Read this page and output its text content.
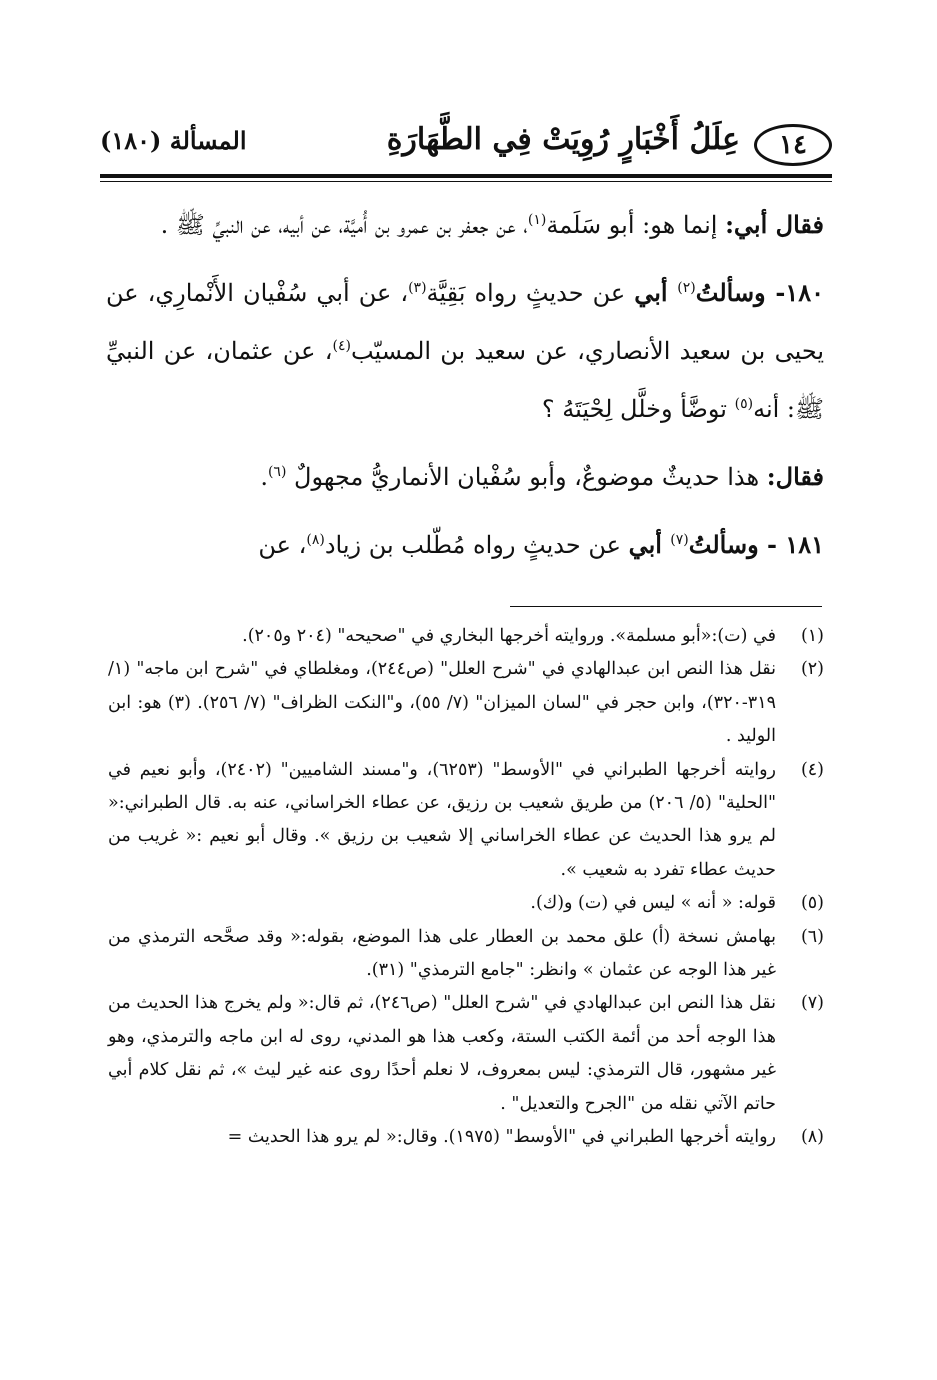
١٤
عِلَلُ أَخْبَارٍ رُوِيَتْ فِي الطَّهَارَةِ
المسألة (١٨٠)

فقال أبي: إنما هو: أبو سَلَمة$^{(١)}$، عن جعفر بن عمرو بن أُميَّة، عن أبيه، عن النبيِّ ﷺ .

١٨٠- وسألتُ$^{(٢)}$ أبي عن حديثٍ رواه بَقِيَّة$^{(٣)}$، عن أبي سُفْيان الأَنْمارِي، عن يحيى بن سعيد الأنصاري، عن سعيد بن المسيّب$^{(٤)}$، عن عثمان، عن النبيِّ ﷺ: أنه$^{(٥)}$ توضَّأ وخلَّل لِحْيَتَهُ ؟

فقال: هذا حديثٌ موضوعٌ، وأبو سُفْيان الأنماريُّ مجهولٌ $^{(٦)}$.

١٨١ - وسألتُ$^{(٧)}$ أبي عن حديثٍ رواه مُطّلب بن زياد$^{(٨)}$، عن

(١)
في (ت):«أبو مسلمة». وروايته أخرجها البخاري في "صحيحه" (٢٠٤ و٢٠٥).
(٢)
نقل هذا النص ابن عبدالهادي في "شرح العلل" (ص٢٤٤)، ومغلطاي في "شرح ابن ماجه" (١/ ٣١٩-٣٢٠)، وابن حجر في "لسان الميزان" (٧/ ٥٥)، و"النكت الظراف" (٧/ ٢٥٦). (٣) هو: ابن الوليد .
(٤)
روايته أخرجها الطبراني في "الأوسط" (٦٢٥٣)، و"مسند الشاميين" (٢٤٠٢)، وأبو نعيم في "الحلية" (٥/ ٢٠٦) من طريق شعيب بن رزيق، عن عطاء الخراساني، عنه به. قال الطبراني:« لم يرو هذا الحديث عن عطاء الخراساني إلا شعيب بن رزيق ». وقال أبو نعيم :« غريب من حديث عطاء تفرد به شعيب ».
(٥)
قوله: « أنه » ليس في (ت) و(ك).
(٦)
بهامش نسخة (أ) علق محمد بن العطار على هذا الموضع، بقوله:« وقد صحَّحه الترمذي من غير هذا الوجه عن عثمان » وانظر: "جامع الترمذي" (٣١).
(٧)
نقل هذا النص ابن عبدالهادي في "شرح العلل" (ص٢٤٦)، ثم قال:« ولم يخرج هذا الحديث من هذا الوجه أحد من أئمة الكتب الستة، وكعب هذا هو المدني، روى له ابن ماجه والترمذي، وهو غير مشهور، قال الترمذي: ليس بمعروف، لا نعلم أحدًا روى عنه غير ليث »، ثم نقل كلام أبي حاتم الآتي نقله من "الجرح والتعديل" .
(٨)
روايته أخرجها الطبراني في "الأوسط" (١٩٧٥). وقال:« لم يرو هذا الحديث =
